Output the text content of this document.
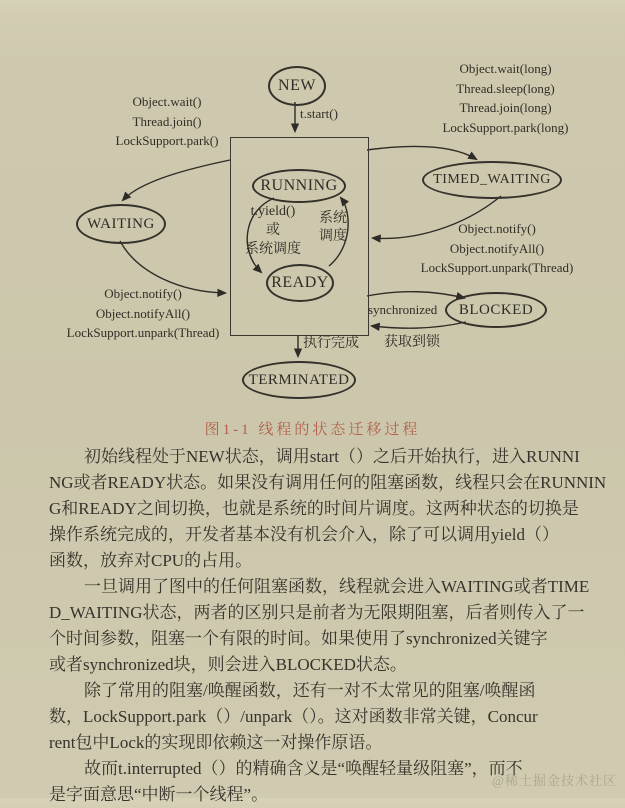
NEW
RUNNING
READY
WAITING
TIMED_WAITING
BLOCKED
TERMINATED
t.start()
Object.wait()
Thread.join()
LockSupport.park()
Object.wait(long)
Thread.sleep(long)
Thread.join(long)
LockSupport.park(long)
Object.notify()
Object.notifyAll()
LockSupport.unpark(Thread)
Object.notify()
Object.notifyAll()
LockSupport.unpark(Thread)
t.yield()
或
系统调度
系统
调度
synchronized
获取到锁
执行完成
图1-1 线程的状态迁移过程
初始线程处于NEW状态，调用start（）之后开始执行，进入RUNNI
NG或者READY状态。如果没有调用任何的阻塞函数，线程只会在RUNNIN
G和READY之间切换，也就是系统的时间片调度。这两种状态的切换是
操作系统完成的，开发者基本没有机会介入，除了可以调用yield（）
函数，放弃对CPU的占用。
一旦调用了图中的任何阻塞函数，线程就会进入WAITING或者TIME
D_WAITING状态，两者的区别只是前者为无限期阻塞，后者则传入了一
个时间参数，阻塞一个有限的时间。如果使用了synchronized关键字
或者synchronized块，则会进入BLOCKED状态。
除了常用的阻塞/唤醒函数，还有一对不太常见的阻塞/唤醒函
数，LockSupport.park（）/unpark（）。这对函数非常关键，Concur
rent包中Lock的实现即依赖这一对操作原语。
故而t.interrupted（）的精确含义是“唤醒轻量级阻塞”，而不
是字面意思“中断一个线程”。
@稀土掘金技术社区
